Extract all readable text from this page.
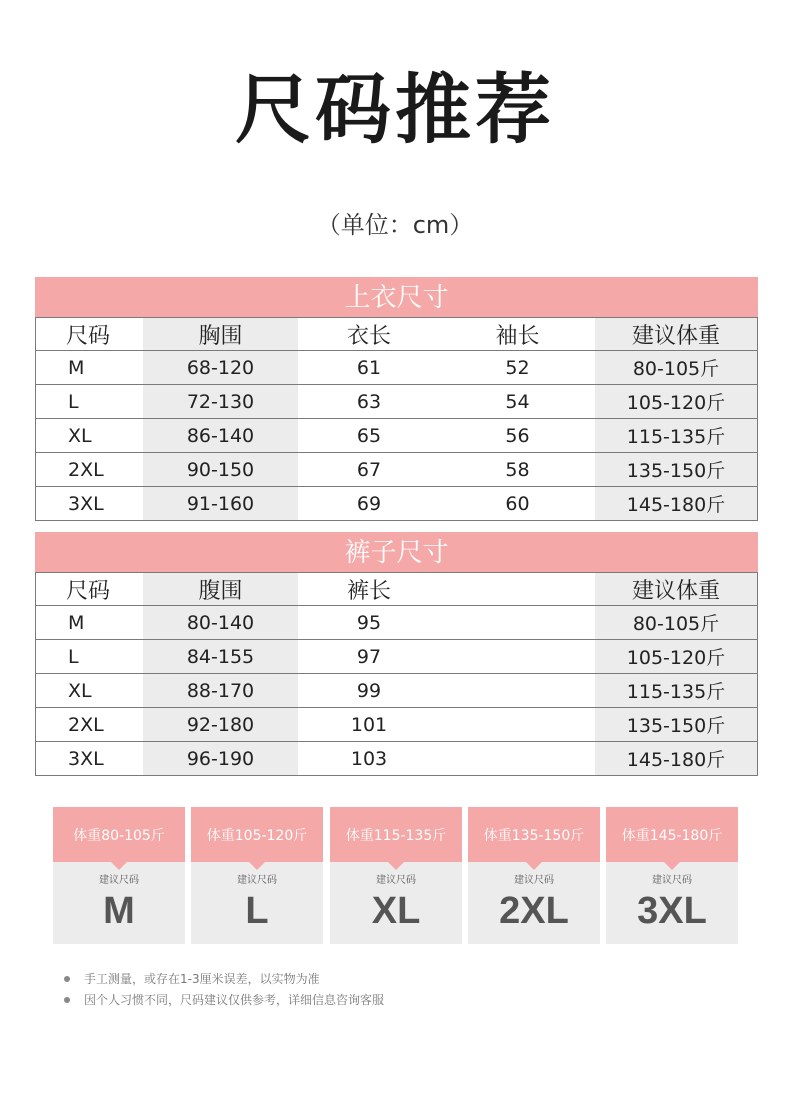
尺码推荐
（单位：cm）
上衣尺寸
尺码	胸围	衣长	袖长	建议体重
M	68-120	61	52	80-105斤
L	72-130	63	54	105-120斤
XL	86-140	65	56	115-135斤
2XL	90-150	67	58	135-150斤
3XL	91-160	69	60	145-180斤
裤子尺寸
尺码	腹围	裤长	建议体重
M	80-140	95	80-105斤
L	84-155	97	105-120斤
XL	88-170	99	115-135斤
2XL	92-180	101	135-150斤
3XL	96-190	103	145-180斤
体重80-105斤
建议尺码
M
体重105-120斤
建议尺码
L
体重115-135斤
建议尺码
XL
体重135-150斤
建议尺码
2XL
体重145-180斤
建议尺码
3XL
手工测量，或存在1-3厘米误差，以实物为准
因个人习惯不同，尺码建议仅供参考，详细信息咨询客服
